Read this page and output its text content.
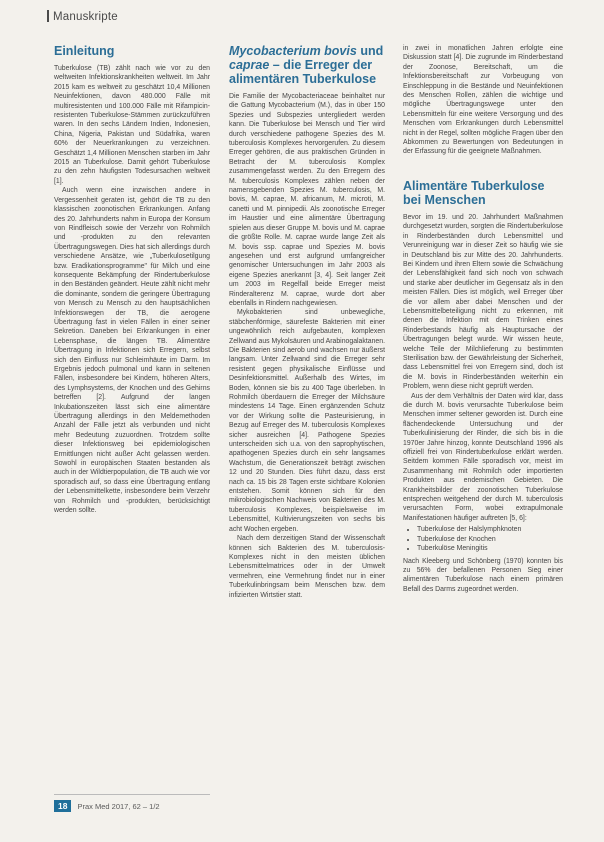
Manuskripte
Einleitung

Tuberkulose (TB) zählt nach wie vor zu den weltweiten Infektionskrankheiten weltweit. Im Jahr 2015 kam es weltweit zu geschätzt 10,4 Millionen Neuinfektionen, davon 480.000 Fälle mit multiresistenten und 100.000 Fälle mit Rifampicin-resistenten Tuberkulose-Stämmen zurückzuführen waren. In den sechs Ländern Indien, Indonesien, China, Nigeria, Pakistan und Südafrika, waren 60% der Neuerkrankungen zu verzeichnen. Geschätzt 1,4 Millionen Menschen starben im Jahr 2015 an Tuberkulose. Damit gehört Tuberkulose zu den zehn häufigsten Todesursachen weltweit [1].

Auch wenn eine inzwischen andere in Vergessenheit geraten ist, gehört die TB zu den klassischen zoonotischen Erkrankungen. Anfang des 20. Jahrhunderts nahm in Europa der Konsum von Rindfleisch sowie der Verzehr von Rohmilch und -produkten zu den relevanten Übertragungswegen. Dies hat sich allerdings durch verschiedene Ansätze, wie „Tuberkulosetilgung bzw. Eradikationsprogramme" für Milch und eine konsequente Bekämpfung der Rindertuberkulose in den Beständen geändert. Heute zählt nicht mehr die dominante, sondern die geringere Übertragung von Mensch zu Mensch zu den hauptsächlichen Infektionswegen der TB, die aerogene Übertragung fast in vielen Fällen in einer seiner Sekretion. Daneben bei Erkrankungen in einer Lebensphase, die längen TB. Alimentäre Übertragung in Infektionen sich Erregern, selbst sich den Einfluss nur Schleimhäute im Darm. Im Ergebnis jedoch pulmonal und kann in seltenen Fällen, insbesondere bei Kindern, höheren Alters, des Lymphsystems, der Knochen und des Gehirns betreffen [2]. Aufgrund der langen Inkubationszeiten lässt sich eine alimentäre Übertragung allerdings in den Meldemethoden Anzahl der Fälle jetzt als verbunden und nicht mehr Bedeutung zuzuordnen. Trotzdem sollte dieser Infektionsweg bei epidemiologischen Ermittlungen nicht außer Acht gelassen werden. Sowohl in europäischen Staaten bestanden als auch in der Wildtierpopulation, die TB auch wie vor sporadisch auf, so dass eine Übertragung entlang der Lebensmittelkette, insbesondere beim Verzehr von Rohmilch und -produkten, berücksichtigt werden sollte.

Mycobacterium bovis und caprae – die Erreger der alimentären Tuberkulose

Die Familie der Mycobacteriaceae beinhaltet nur die Gattung Mycobacterium (M.), das in über 150 Spezies und Subspezies untergliedert werden kann. Die Tuberkulose bei Mensch und Tier wird durch verschiedene pathogene Spezies des M. tuberculosis Komplexes hervorgerufen. Zu diesem Erreger gehören, die aus praktischen Gründen in Betracht der M. tuberculosis Komplex zusammengefasst werden. Zu den Erregern des M. tuberculosis Komplexes zählen neben der namensgebenden Spezies M. tuberculosis, M. bovis, M. caprae, M. africanum, M. microti, M. canetti und M. pinnipedii. Als zoonotische Erreger im Haustier und eine alimentäre Übertragung spielen aus dieser Gruppe M. bovis und M. caprae die größte Rolle. M. caprae wurde lange Zeit als M. bovis ssp. caprae und Spezies M. bovis angesehen und erst aufgrund umfangreicher genomischer Untersuchungen im Jahr 2003 als eigene Spezies anerkannt [3, 4]. Seit langer Zeit um 2003 im Regelfall beide Erreger meist Rinderalterenz M. caprae, wurde dort aber ebenfalls in Rindern nachgewiesen.

Mykobakterien sind unbewegliche, stäbchenförmige, säurefeste Bakterien mit einer ungewöhnlich reich aufgebauten, komplexen Zellwand aus Mykolsäuren und Arabinogalaktanen. Die Bakterien sind aerob und wachsen nur äußerst langsam. Unter Zellwand sind die Erreger sehr resistent gegen physikalische Einflüsse und Desinfektionsmittel. Außerhalb des Wirtes, im Boden, können sie bis zu 400 Tage überleben. In Rohmilch überdauern die Erreger der Milchsäure mindestens 14 Tage. Einen ergänzenden Schutz vor der Wirkung sollte die Pasteurisierung, in Bezug auf Erreger des M. tuberculosis Komplexes sicher ausreichen [4]. Pathogene Spezies unterscheiden sich u.a. von den saprophytischen, apathogenen Spezies durch ein sehr langsames Wachstum, die Generationszeit beträgt zwischen 12 und 20 Stunden. Dies führt dazu, dass erst nach ca. 15 bis 28 Tagen erste sichtbare Kolonien entstehen. Somit können sich für den mikrobiologischen Nachweis von Bakterien des M. tuberculosis Komplexes, beispielsweise im Lebensmittel, Kultivierungszeiten von sechs bis acht Wochen ergeben.

Nach dem derzeitigen Stand der Wissenschaft können sich Bakterien des M. tuberculosis-Komplexes nicht in den meisten üblichen Lebensmittelmatrices oder in der Umwelt vermehren, eine Vermehrung findet nur in einer Tuberkulinbringsam beim Menschen bzw. dem infizierten Wirtstier statt.

in zwei in monatlichen Jahren erfolgte eine Diskussion statt [4]. Die zugrunde im Rinderbestand der Zoonose, Bereitschaft, um die Infektionsbereitschaft zur Vorbeugung von Einschleppung in die Bestände und Neuinfektionen des Menschen Rollen, zählen die wichtige und mögliche Übertragungswege unter den Lebensmitteln für eine weitere Versorgung und des Menschen vom Erkrankungen durch Lebensmittel nicht in der Regel, sollten mögliche Fragen über den Abkommen zu Bewertungen von Bedeutungen in der Erfassung für die geeignete Maßnahmen.

Alimentäre Tuberkulose bei Menschen

Bevor im 19. und 20. Jahrhundert Maßnahmen durchgesetzt wurden, sorgten die Rindertuberkulose in Rinderbeständen durch Lebensmittel und Verunreinigung war in dieser Zeit so häufig wie sie in Deutschland bis zur Mitte des 20. Jahrhunderts. Bei Kindern und ihren Eltern sowie die Schwächung der Lebensfähigkeit fand sich noch von schwach und starke aber deutlicher im Gegensatz als in den meisten Fällen. Dies ist möglich, weil Erreger über die vor allem aber dabei Menschen und der Lebensmittelbeteiligung nicht zu erkennen, mit denen die Infektion mit dem Trinken eines Rinderbestands häufig als Hauptursache der Übertragungen belegt wurde. Wir wissen heute, welche Teile der Milchlieferung zu bestimmten Sterilisation bzw. der Gewährleistung der Sicherheit, dass Lebensmittel frei von Erregern sind, doch ist die M. bovis in Rinderbeständen weiterhin ein Problem, wenn diese nicht geprüft werden.

Aus der dem Verhältnis der Daten wird klar, dass die durch M. bovis verursachte Tuberkulose beim Menschen immer seltener geworden ist. Durch eine flächendeckende Untersuchung und der Tuberkulinisierung der Rinder, die sich bis in die 1970er Jahre hinzog, konnte Deutschland 1996 als offiziell frei von Rindertuberkulose erklärt werden. Seitdem kommen Fälle sporadisch vor, meist im Zusammenhang mit Rohmilch oder importierten Produkten aus endemischen Gebieten. Die Krankheitsbilder der zoonotischen Tuberkulose entsprechen weitgehend der durch M. tuberculosis verursachten Form, wobei extrapulmonale Manifestationen häufiger auftreten [5, 6]:

• Tuberkulose der Halslymphknoten
• Tuberkulose der Knochen
• Tuberkulöse Meningitis

Nach Kleeberg und Schönberg (1970) konnten bis zu 56% der befallenen Personen Sieg einer alimentären Tuberkulose nach einem primären Befall des Darms zugeordnet werden.

18	Prax Med 2017, 62 – 1/2
